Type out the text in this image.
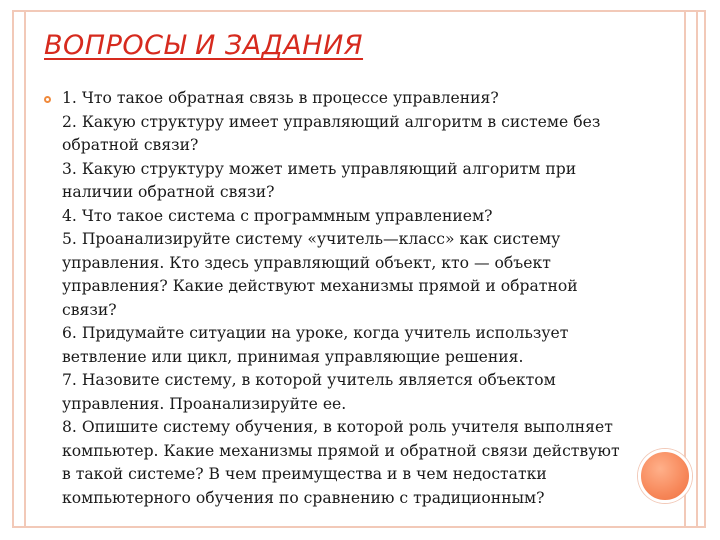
ВОПРОСЫ И ЗАДАНИЯ
1. Что такое обратная связь в процессе управления?
2. Какую структуру имеет управляющий алгоритм в системе без
обратной связи?
3. Какую структуру может иметь управляющий алгоритм при
наличии обратной связи?
4. Что такое система с программным управлением?
5. Проанализируйте систему «учитель—класс» как систему
управления. Кто здесь управляющий объект, кто — объект
управления? Какие действуют механизмы прямой и обратной
связи?
6. Придумайте ситуации на уроке, когда учитель использует
ветвление или цикл, принимая управляющие решения.
7. Назовите систему, в которой учитель является объектом
управления. Проанализируйте ее.
8. Опишите систему обучения, в которой роль учителя выполняет
компьютер. Какие механизмы прямой и обратной связи действуют
в такой системе? В чем преимущества и в чем недостатки
компьютерного обучения по сравнению с традиционным?
